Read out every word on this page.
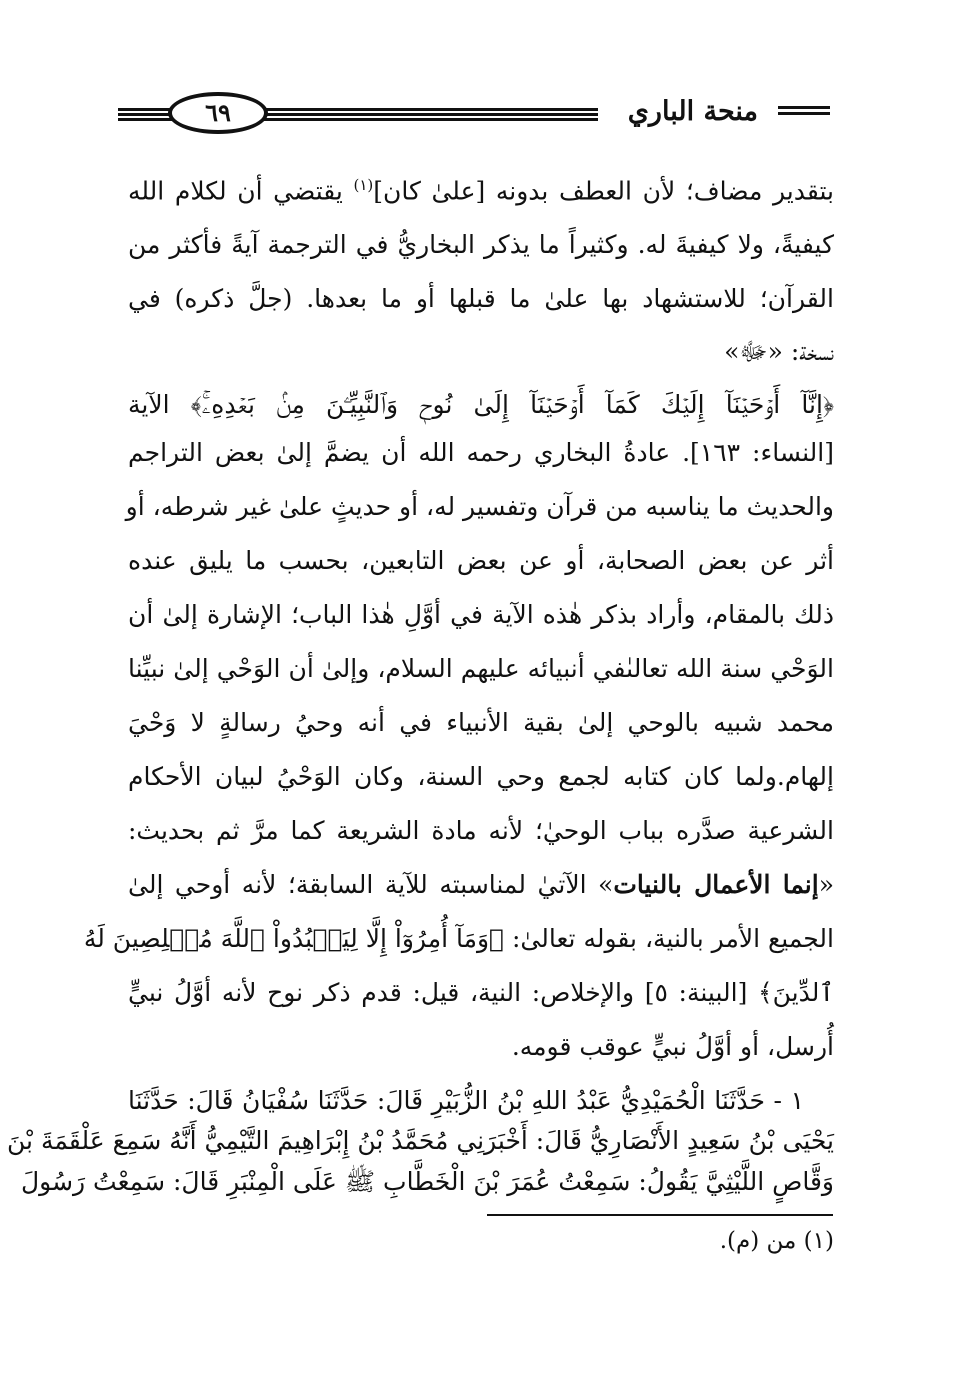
منحة الباري
٦٩
بتقدير مضاف؛ لأن العطف بدونه [علىٰ كان]$^{(١)}$ يقتضي أن لكلام الله
كيفيةً، ولا كيفيةَ له. وكثيراً ما يذكر البخاريُّ في الترجمة آيةً فأكثر من
القرآن؛ للاستشهاد بها علىٰ ما قبلها أو ما بعدها. (جلَّ ذكره) في
نسخة: «ﷻ»
﴿إِنَّآ أَوۡحَيۡنَآ إِلَيۡكَ كَمَآ أَوۡحَيۡنَآ إِلَىٰ نُوحٖ وَٱلنَّبِيِّـۧنَ مِنۢ بَعۡدِهِۦۚ﴾ الآية
[النساء: ١٦٣]. عادةُ البخاري رحمه الله أن يضمَّ إلىٰ بعض التراجم
والحديث ما يناسبه من قرآن وتفسير له، أو حديثٍ علىٰ غير شرطه، أو
أثر عن بعض الصحابة، أو عن بعض التابعين، بحسب ما يليق عنده
ذلك بالمقام، وأراد بذكر هٰذه الآية في أوَّلِ هٰذا الباب؛ الإشارة إلىٰ أن
الوَحْي سنة الله تعالىٰفي أنبيائه عليهم السلام، وإلىٰ أن الوَحْي إلىٰ نبيِّنا
محمد شبيه بالوحي إلىٰ بقية الأنبياء في أنه وحيُ رسالةٍ لا وَحْيَ
إلهام.ولما كان كتابه لجمع وحي السنة، وكان الوَحْيُ لبيان الأحكام
الشرعية صدَّره بباب الوحيٰ؛ لأنه مادة الشريعة كما مرَّ ثم بحديث:
«إنما الأعمال بالنيات» الآتيٰ لمناسبته للآية السابقة؛ لأنه أوحي إلىٰ
الجميع الأمر بالنية، بقوله تعالىٰ: ﴿وَمَآ أُمِرُوٓاْ إِلَّا لِيَعۡبُدُواْ ٱللَّهَ مُخۡلِصِينَ لَهُ
ٱلدِّينَ﴾ [البينة: ٥] والإخلاص: النية، قيل: قدم ذكر نوح لأنه أوَّلُ نبيٍّ
أُرسل، أو أوَّلُ نبيٍّ عوقب قومه.
١ - حَدَّثَنَا الْحُمَيْدِيُّ عَبْدُ اللهِ بْنُ الزُّبَيْرِ قَالَ: حَدَّثَنَا سُفْيَانُ قَالَ: حَدَّثَنَا
يَحْيَى بْنُ سَعِيدٍ الأَنْصَارِيُّ قَالَ: أَخْبَرَنِي مُحَمَّدُ بْنُ إِبْرَاهِيمَ التَّيْمِيُّ أَنَّهُ سَمِعَ عَلْقَمَةَ بْنَ
وَقَّاصٍ اللَّيْثِيَّ يَقُولُ: سَمِعْتُ عُمَرَ بْنَ الْخَطَّابِ ﷺ عَلَى الْمِنْبَرِ قَالَ: سَمِعْتُ رَسُولَ
(١) من (م).
